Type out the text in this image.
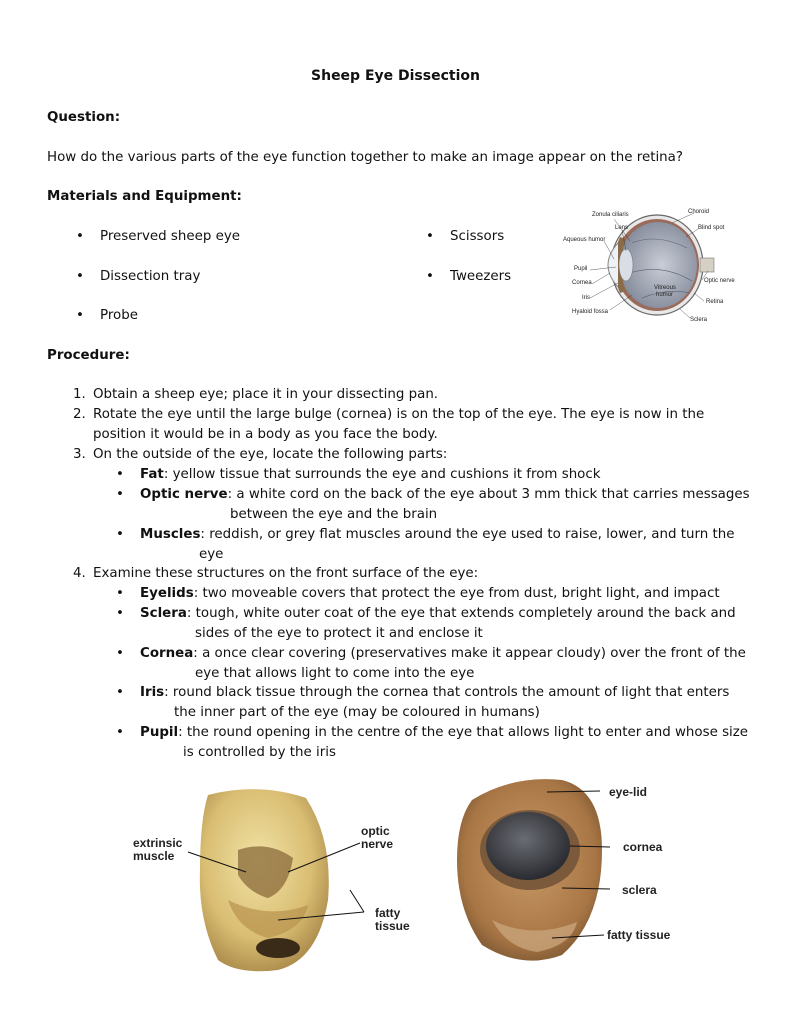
Sheep Eye Dissection
Question:
How do the various parts of the eye function together to make an image appear on the retina?
Materials and Equipment:
• Preserved sheep eye
• Dissection tray
• Probe
• Scissors
• Tweezers
Zonula ciliaris	Choroid
Lens	Blind spot
Aqueous humor
Pupil
Cornea	Optic nerve
Vitreous
humor
Iris
Retina
Hyaloid fossa
Sclera
Procedure:
1. Obtain a sheep eye; place it in your dissecting pan.
2. Rotate the eye until the large bulge (cornea) is on the top of the eye. The eye is now in the
position it would be in a body as you face the body.
3. On the outside of the eye, locate the following parts:
• Fat: yellow tissue that surrounds the eye and cushions it from shock
• Optic nerve: a white cord on the back of the eye about 3 mm thick that carries messages
between the eye and the brain
• Muscles: reddish, or grey flat muscles around the eye used to raise, lower, and turn the
eye
4. Examine these structures on the front surface of the eye:
• Eyelids: two moveable covers that protect the eye from dust, bright light, and impact
• Sclera: tough, white outer coat of the eye that extends completely around the back and
sides of the eye to protect it and enclose it
• Cornea: a once clear covering (preservatives make it appear cloudy) over the front of the
eye that allows light to come into the eye
• Iris: round black tissue through the cornea that controls the amount of light that enters
the inner part of the eye (may be coloured in humans)
• Pupil: the round opening in the centre of the eye that allows light to enter and whose size
is controlled by the iris
extrinsic
muscle
optic
nerve
fatty
tissue
eye-lid
cornea
sclera
fatty tissue
